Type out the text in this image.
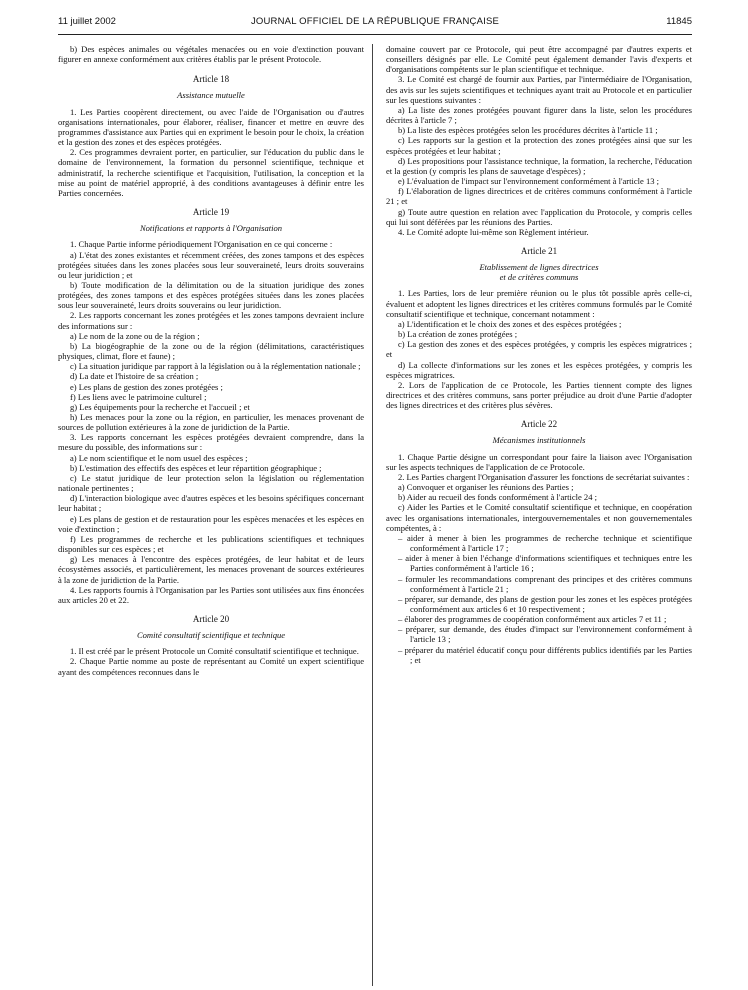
11 juillet 2002	JOURNAL OFFICIEL DE LA RÉPUBLIQUE FRANÇAISE	11845

b) Des espèces animales ou végétales menacées ou en voie d'extinction pouvant figurer en annexe conformément aux critères établis par le présent Protocole.

Article 18
Assistance mutuelle

1. Les Parties coopèrent directement, ou avec l'aide de l'Organisation ou d'autres organisations internationales, pour élaborer, réaliser, financer et mettre en œuvre des programmes d'assistance aux Parties qui en expriment le besoin pour le choix, la création et la gestion des zones et des espèces protégées.

2. Ces programmes devraient porter, en particulier, sur l'éducation du public dans le domaine de l'environnement, la formation du personnel scientifique, technique et administratif, la recherche scientifique et l'acquisition, l'utilisation, la conception et la mise au point de matériel approprié, à des conditions avantageuses à définir entre les Parties concernées.

Article 19
Notifications et rapports à l'Organisation

1. Chaque Partie informe périodiquement l'Organisation en ce qui concerne :

a) L'état des zones existantes et récemment créées, des zones tampons et des espèces protégées situées dans les zones placées sous leur souveraineté, leurs droits souverains ou leur juridiction ; et

b) Toute modification de la délimitation ou de la situation juridique des zones protégées, des zones tampons et des espèces protégées situées dans les zones placées sous leur souveraineté, leurs droits souverains ou leur juridiction.

2. Les rapports concernant les zones protégées et les zones tampons devraient inclure des informations sur :

a) Le nom de la zone ou de la région ;

b) La biogéographie de la zone ou de la région (délimitations, caractéristiques physiques, climat, flore et faune) ;

c) La situation juridique par rapport à la législation ou à la réglementation nationale ;

d) La date et l'histoire de sa création ;

e) Les plans de gestion des zones protégées ;

f) Les liens avec le patrimoine culturel ;

g) Les équipements pour la recherche et l'accueil ; et

h) Les menaces pour la zone ou la région, en particulier, les menaces provenant de sources de pollution extérieures à la zone de juridiction de la Partie.

3. Les rapports concernant les espèces protégées devraient comprendre, dans la mesure du possible, des informations sur :

a) Le nom scientifique et le nom usuel des espèces ;

b) L'estimation des effectifs des espèces et leur répartition géographique ;

c) Le statut juridique de leur protection selon la législation ou réglementation nationale pertinentes ;

d) L'interaction biologique avec d'autres espèces et les besoins spécifiques concernant leur habitat ;

e) Les plans de gestion et de restauration pour les espèces menacées et les espèces en voie d'extinction ;

f) Les programmes de recherche et les publications scientifiques et techniques disponibles sur ces espèces ; et

g) Les menaces à l'encontre des espèces protégées, de leur habitat et de leurs écosystèmes associés, et particulièrement, les menaces provenant de sources extérieures à la zone de juridiction de la Partie.

4. Les rapports fournis à l'Organisation par les Parties sont utilisées aux fins énoncées aux articles 20 et 22.

Article 20
Comité consultatif scientifique et technique

1. Il est créé par le présent Protocole un Comité consultatif scientifique et technique.

2. Chaque Partie nomme au poste de représentant au Comité un expert scientifique ayant des compétences reconnues dans le

domaine couvert par ce Protocole, qui peut être accompagné par d'autres experts et conseillers désignés par elle. Le Comité peut également demander l'avis d'experts et d'organisations compétents sur le plan scientifique et technique.

3. Le Comité est chargé de fournir aux Parties, par l'intermédiaire de l'Organisation, des avis sur les sujets scientifiques et techniques ayant trait au Protocole et en particulier sur les questions suivantes :

a) La liste des zones protégées pouvant figurer dans la liste, selon les procédures décrites à l'article 7 ;

b) La liste des espèces protégées selon les procédures décrites à l'article 11 ;

c) Les rapports sur la gestion et la protection des zones protégées ainsi que sur les espèces protégées et leur habitat ;

d) Les propositions pour l'assistance technique, la formation, la recherche, l'éducation et la gestion (y compris les plans de sauvetage d'espèces) ;

e) L'évaluation de l'impact sur l'environnement conformément à l'article 13 ;

f) L'élaboration de lignes directrices et de critères communs conformément à l'article 21 ; et

g) Toute autre question en relation avec l'application du Protocole, y compris celles qui lui sont déférées par les réunions des Parties.

4. Le Comité adopte lui-même son Règlement intérieur.

Article 21
Etablissement de lignes directrices
et de critères communs

1. Les Parties, lors de leur première réunion ou le plus tôt possible après celle-ci, évaluent et adoptent les lignes directrices et les critères communs formulés par le Comité consultatif scientifique et technique, concernant notamment :

a) L'identification et le choix des zones et des espèces protégées ;

b) La création de zones protégées ;

c) La gestion des zones et des espèces protégées, y compris les espèces migratrices ; et

d) La collecte d'informations sur les zones et les espèces protégées, y compris les espèces migratrices.

2. Lors de l'application de ce Protocole, les Parties tiennent compte des lignes directrices et des critères communs, sans porter préjudice au droit d'une Partie d'adopter des lignes directrices et des critères plus sévères.

Article 22
Mécanismes institutionnels

1. Chaque Partie désigne un correspondant pour faire la liaison avec l'Organisation sur les aspects techniques de l'application de ce Protocole.

2. Les Parties chargent l'Organisation d'assurer les fonctions de secrétariat suivantes :

a) Convoquer et organiser les réunions des Parties ;

b) Aider au recueil des fonds conformément à l'article 24 ;

c) Aider les Parties et le Comité consultatif scientifique et technique, en coopération avec les organisations internationales, intergouvernementales et non gouvernementales compétentes, à :

– aider à mener à bien les programmes de recherche technique et scientifique conformément à l'article 17 ;

– aider à mener à bien l'échange d'informations scientifiques et techniques entre les Parties conformément à l'article 16 ;

– formuler les recommandations comprenant des principes et des critères communs conformément à l'article 21 ;

– préparer, sur demande, des plans de gestion pour les zones et les espèces protégées conformément aux articles 6 et 10 respectivement ;

– élaborer des programmes de coopération conformément aux articles 7 et 11 ;

– préparer, sur demande, des études d'impact sur l'environnement conformément à l'article 13 ;

– préparer du matériel éducatif conçu pour différents publics identifiés par les Parties ; et
